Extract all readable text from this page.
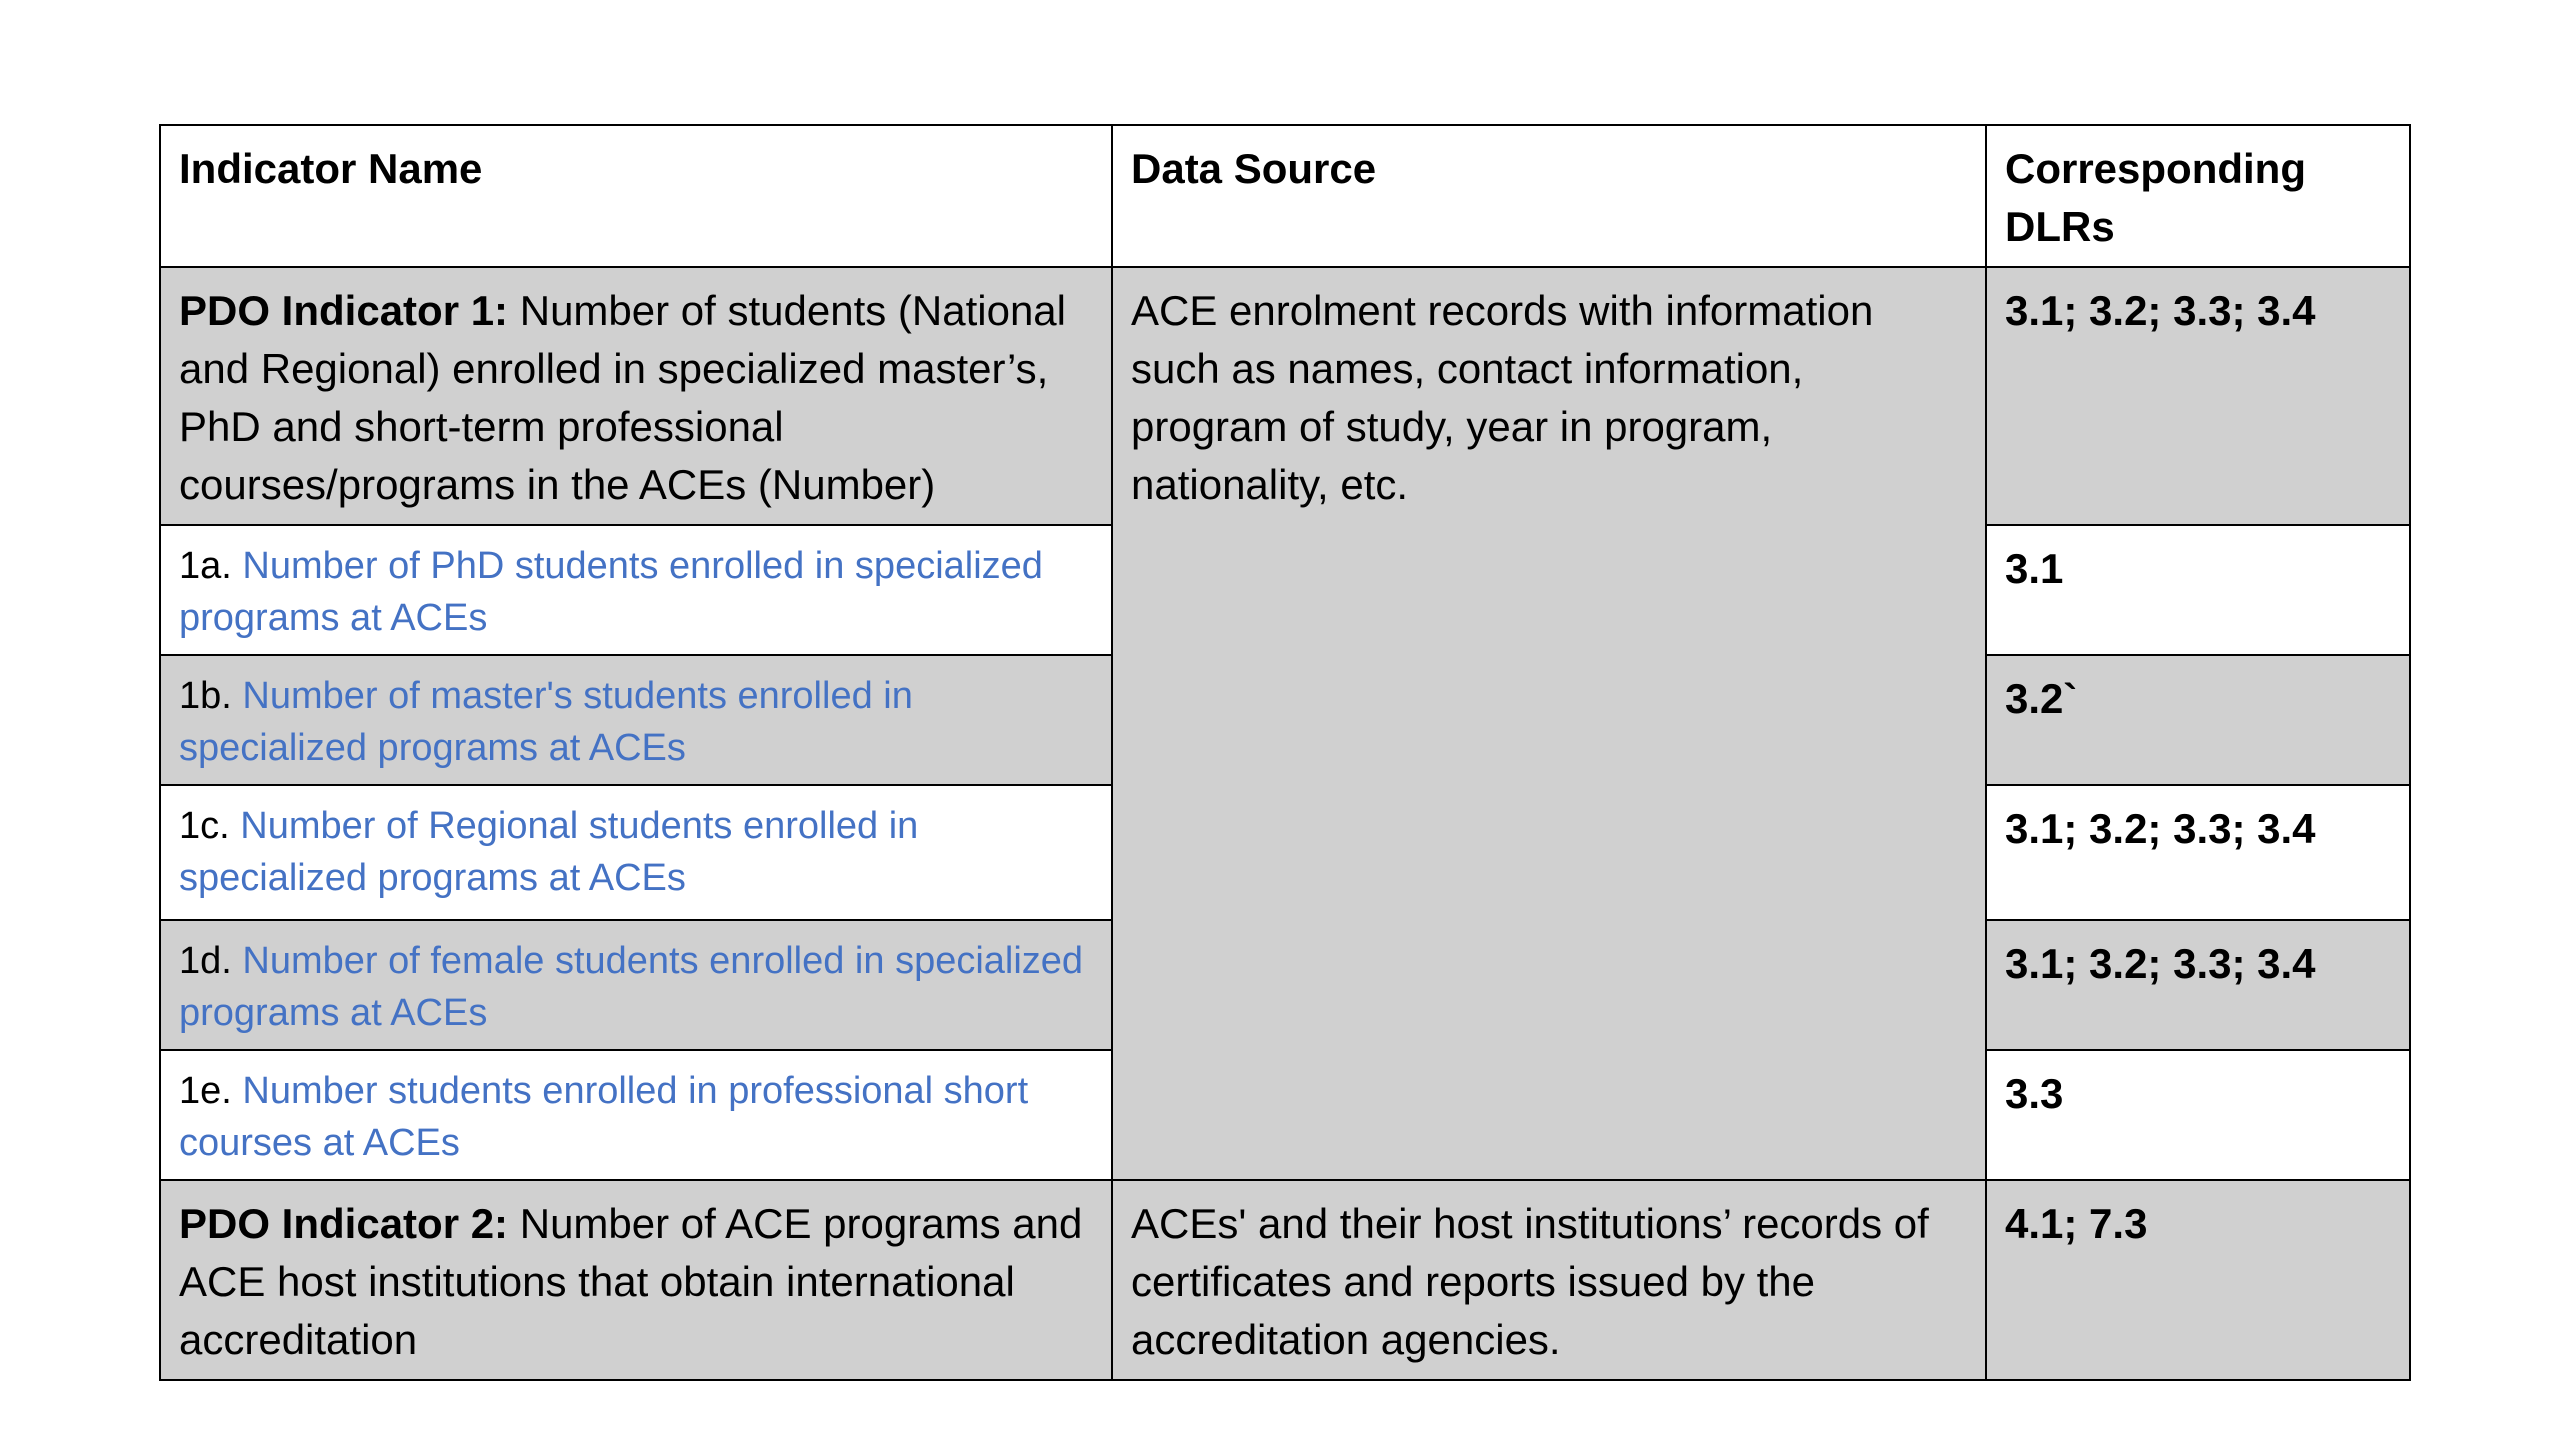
Indicator Name	Data Source	Corresponding DLRs
PDO Indicator 1: Number of students (National and Regional) enrolled in specialized master’s, PhD and short-term professional courses/programs in the ACEs (Number)	ACE enrolment records with information such as names, contact information, program of study, year in program, nationality, etc.	3.1; 3.2; 3.3; 3.4
1a. Number of PhD students enrolled in specialized programs at ACEs		3.1
1b. Number of master's students enrolled in specialized programs at ACEs		3.2`
1c. Number of Regional students enrolled in specialized programs at ACEs		3.1; 3.2; 3.3; 3.4
1d. Number of female students enrolled in specialized programs at ACEs		3.1; 3.2; 3.3; 3.4
1e. Number students enrolled in professional short courses at ACEs		3.3
PDO Indicator 2: Number of ACE programs and ACE host institutions that obtain international accreditation	ACEs' and their host institutions’ records of certificates and reports issued by the accreditation agencies.	4.1; 7.3
